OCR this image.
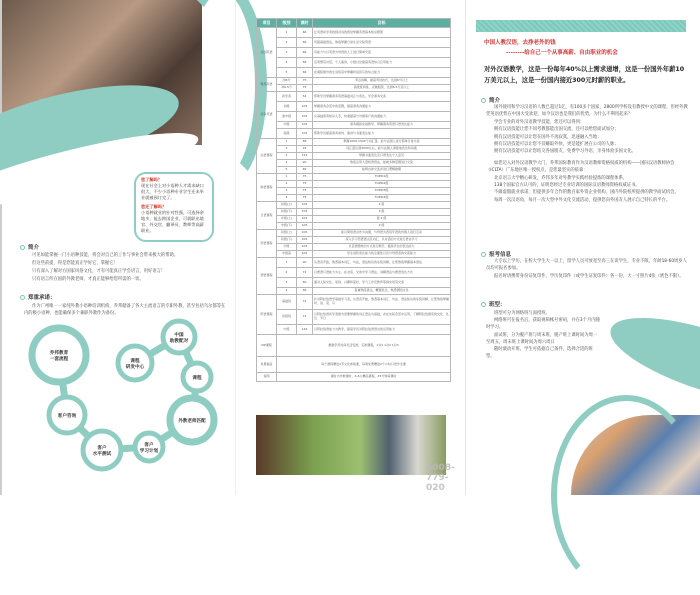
您了解吗？
现在社会上对小语种人才需求缺口很大，不少小语种专业学生还未毕业就被预订完了。
您还了解吗？
小语种就业的针对性强，可选择余地多，能去跨国企业，可就职出境官、外交官、翻译员、教师等高薪职业。
简介

可见如能掌握一门小语种技能，将会对自己的工作与事业会带来极大的帮助。

但这些前提，得是您能真正学好它，掌握它！

只有深入了解对方国家风俗文化，才有可能真正学会语言，用好语言！

只有语言所在国的外教老师，才真正能够给您所需的一切。

郑重承诺：

作为广州唯一一家纯外教小语种培训机构，乔邦储备了各大主流语言的专职外教，甚至包括乌尔都等在内的极小语种，也能确保多个兼职外教作为备份。

乔邦教育
一套流程
客户咨询
客户
水平测试
客户
学习计划
外教老师匹配
课程
中国
助教配对
课程
研发中心
项目	级别	课时	目标
出国英语	1	66	让英语初学者找到对词的感觉掌握英语基本知识框架
	2	66	巩固基础语法，熟练掌握日常生活交际用语
	3	66	有能力与以英语为母语的人士进行简单交流
	4	66	运用情景对话，个人演讲，小组讨论提高英语综合应用能力
	5	66	在模拟国外的生活场景中掌握听说读写的综合能力
雅思英语	冲6分	75	考点讲解，提高考试技巧，达到6分以上
	冲6.5分	75	高级度训练，突破瓶颈，达到6.5分及以上
商务英语	初学者	54	帮助学员掌握商务英语基础词汇与表达，学会商务交流
	初级	105	掌握商务会话中的话题，提高商务沟通能力
	准中级	105	从基础商务知识入手，快速提高与外国客户的沟通能力
	中级	105	商务模拟实战教学，掌握商务英语口语表达能力
	高级	105	帮助学员提高商务谈判、演讲与书面表达能力
法语课程	1	66	掌握1000-1500个词汇量，能与法国人进行简单日常交流
	2	93	词汇量达到3000左右，能与法国人清楚地表达和沟通
	3	124	掌握书面表达及口语表达个人意见
	4	90	熟练运用大量短语语法，能就多种话题进行交流
	5	69	能够自如交流并进行逻辑推理
韩语课程	1	75	TOPIK1级
	2	75	TOPIK2级
	3	75	TOPIK3级
	4	75	TOPIK4级
日语课程	初级(上)	105	4 级
	初级(下)	105	3 级
	中级(上)	105	准 2 级
	中级(下)	105	2 级
西语课程	初级(上)	105	能以简短语言作为沟通，与母语为西班牙语的外国人进行互动
	初级(下)	105	深入学习西语语法及词汇，以对话的方式进行语言学习
	中级	105	以话语题材的方式进行教学，提高学生的表达能力
	中级高	105	学生进阶表达能力的全面性以及与母语者的交流能力
德语课程	1	90	从语音开始，熟悉基本词汇、句法，语法知识的系统讲解，让您熟练掌握基本语法
	2	72	以德语口语能力为主，在对话、交谈中学习语法，讲解语法与德语表达方式
	3	60	面对人际交往、家庭、兴趣和爱好，学习工作及教育等真实场景交流
	4	66	着重熟练语法，精通表达，熟悉德国文化
阿语课程	基础班	72	针对阿拉伯语零基础学习者，从语音开始，熟悉基本词汇、句法、语法知识的系统讲解，让您熟练掌握听、说、读、写
	初级班	72	以阿拉伯语初学者最为需要掌握的词汇语法为基础，并在实际会话中运用，了解阿拉伯国家的文化、礼仪、节日
	中级	126	以阿拉伯语能力为教学，提高学员对阿拉伯语语言的运用能力
VIP课程	根据学员时间灵活安排，定制课程，1对1 1对2 1对3		
免费福音	每个课程赠送1节文化体验课，每周免费赠送2个小时口语沙龙课		
说明	课时为外教课时，4-6人精品课程，45分钟每课时		
4008-779-020
中国人教汉语，去挣老外的钱
--------给自己一个从事高薪、自由职业的机会
对外汉语教学，这是一份每年40%以上需求递增，这是一份国外年薪10万美元以上，这是一份国内接近300元时薪的职业。
简介

国外使用和学习汉语的人数已超过1亿，有100多个国家，2800所学校设有教授中文的课程，但经外教凭英语优势在中国大受欢迎，如今汉语也是我们的优势，为什么不利用起来？

学会专业的对外汉语教学技能，您还可以得到：

拥有汉语技能让您不同考教都能出国交流，还可以给您面试加分；

拥有汉语技能可以让您在国外不再寂寞，迅速融入当地；

拥有汉语技能可以让您不仅赚取外快，更是能扩展在公司的人脉；

拥有汉语技能可以让您结交各国朋友，免费学习外语，亲身体验多国文化。

如您迈入对外汉语教学大门，乔邦国际教育作为汉语教师资格权威的机构——国际汉语教师协会（ICLTA）广东地区唯一授权点，是您最坚实的依靠：

北京语言大学精心研发，乔邦多年对外教学实践经验提炼的课程体系，

138个国家官方认可的，证明您经过专业培训的国际汉语教师资格权威证书。

不做虚假就业承诺，但提供多年合作的数百家外资企业机构，国内外院校所提供的教学面试机会。

每周一次汉语角，每月一次大型中外文化交流活动，提供您向外国友人展示自己特长的平台。

报考信息

大专以上学历，在校大学生大一以上，留学人员可放宽至高三在读学生，专业不限，年龄18-60周岁人员均可报名参加。

报名时请携带身份证复印件，学历复印件（或学生证复印件）各一份，大一寸照片4张（底色不限）。

班型：

班型可分为网络班与面授班。

网络班可在报名后，获取视频帐号密码，并在3个月内随时学习。

面试班，分为脱产班与周末班，脱产班上课时间为周一至周五，周末班上课时间为周六周日

随时滚动开班，学生可依据自己条件，选择合适的班型。
